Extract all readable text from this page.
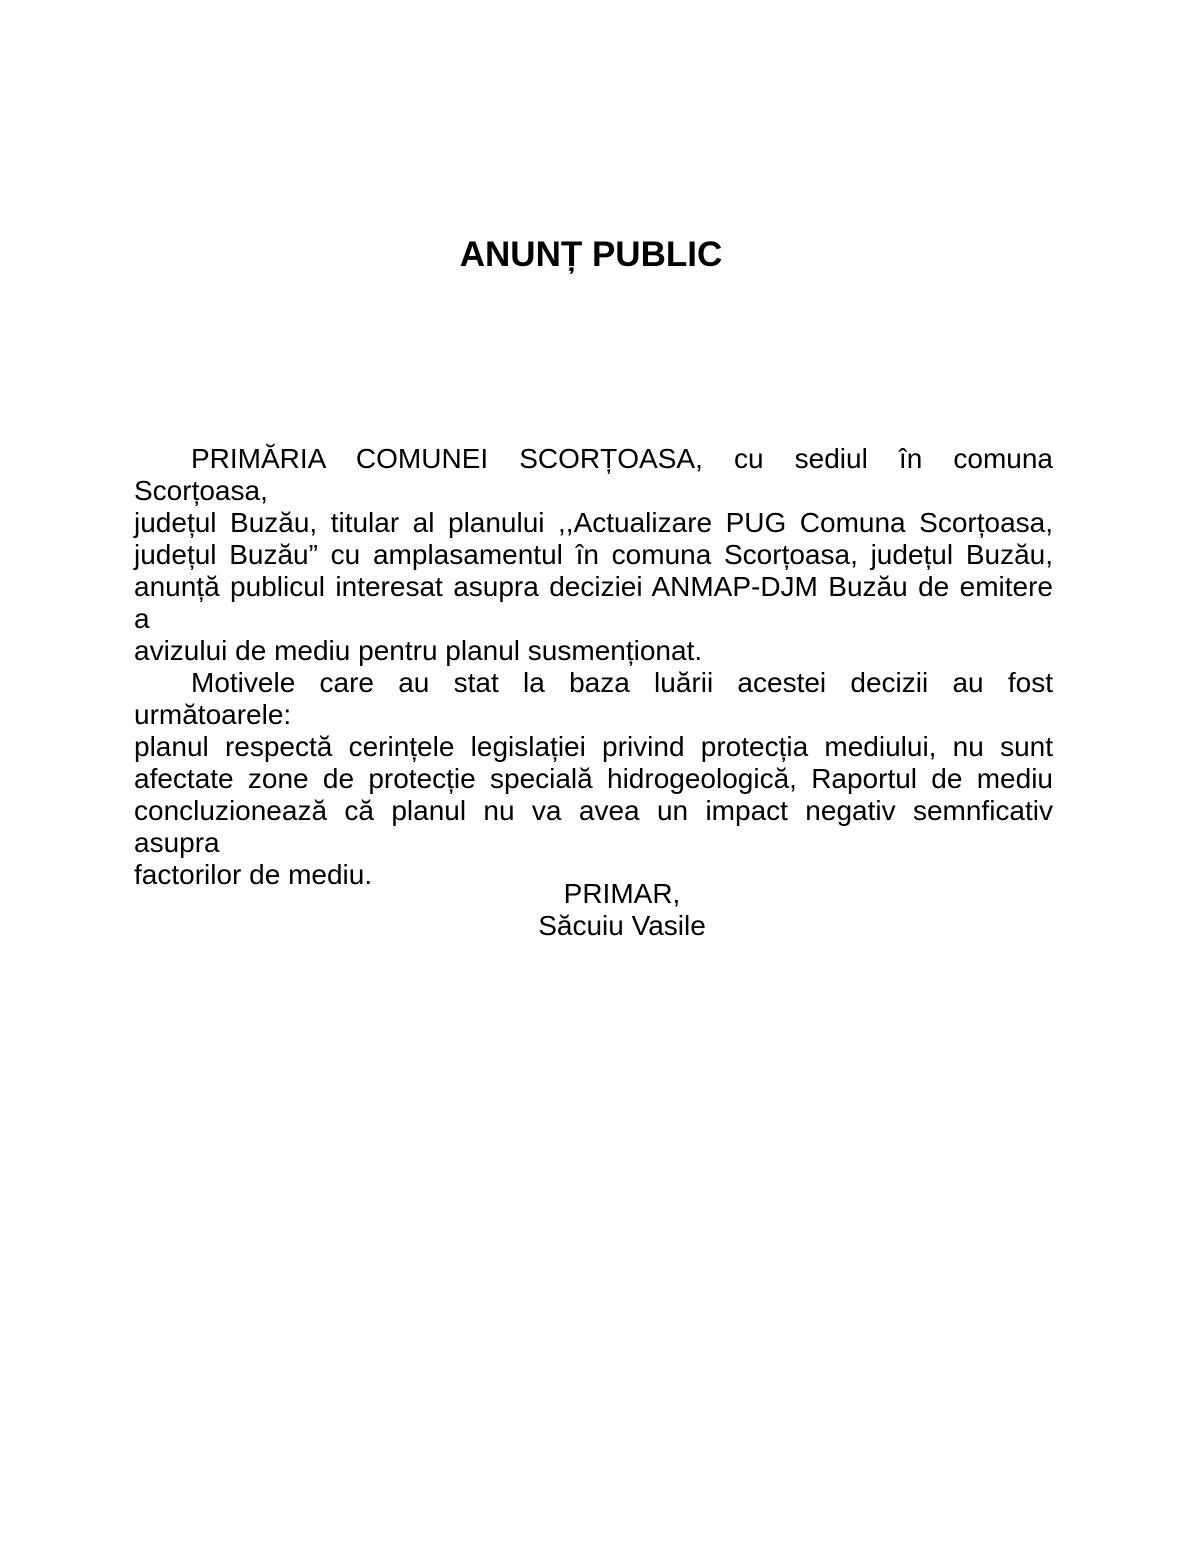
ANUNȚ PUBLIC
PRIMĂRIA COMUNEI SCORȚOASA, cu sediul în comuna Scorțoasa,
județul Buzău, titular al planului ,,Actualizare PUG Comuna Scorțoasa,
județul Buzău” cu amplasamentul în comuna Scorțoasa, județul Buzău,
anunță publicul interesat asupra deciziei ANMAP-DJM Buzău de emitere a
avizului de mediu pentru planul susmenționat.
Motivele care au stat la baza luării acestei decizii au fost următoarele:
planul respectă cerințele legislației privind protecția mediului, nu sunt
afectate zone de protecție specială hidrogeologică, Raportul de mediu
concluzionează că planul nu va avea un impact negativ semnficativ asupra
factorilor de mediu.
PRIMAR,
Săcuiu Vasile
